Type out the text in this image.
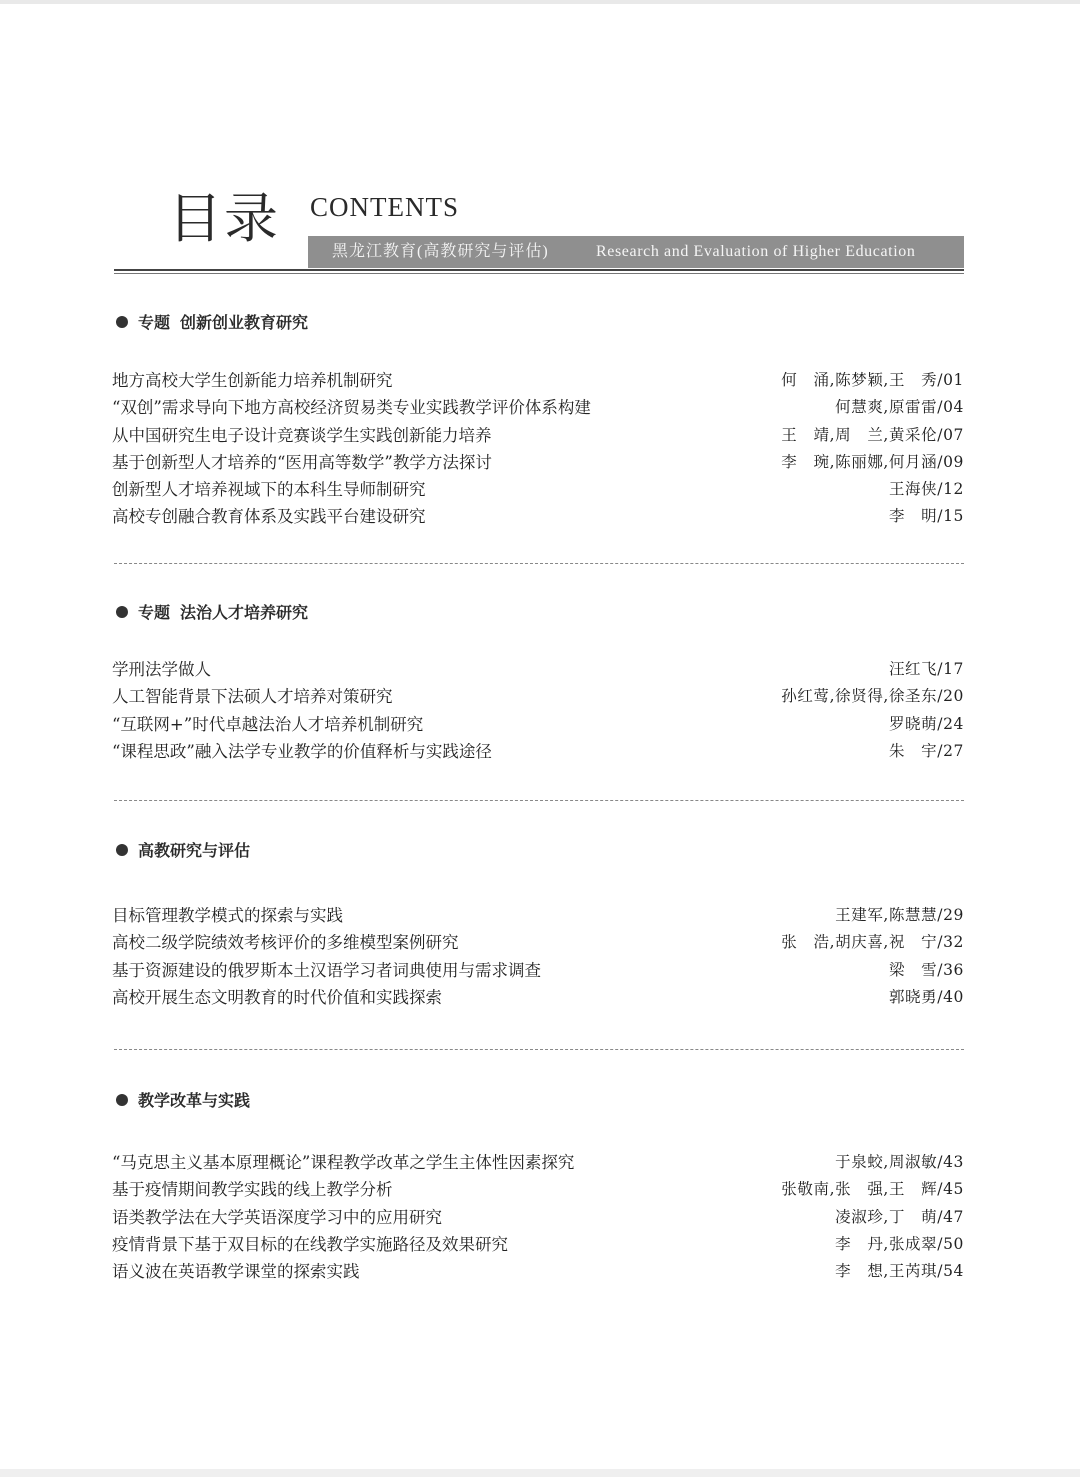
目录 CONTENTS
黑龙江教育(高教研究与评估)	Research and Evaluation of Higher Education
专题 创新创业教育研究
地方高校大学生创新能力培养机制研究	何　涌,陈梦颖,王　秀/01
“双创”需求导向下地方高校经济贸易类专业实践教学评价体系构建	何慧爽,原雷雷/04
从中国研究生电子设计竞赛谈学生实践创新能力培养	王　靖,周　兰,黄采伦/07
基于创新型人才培养的“医用高等数学”教学方法探讨	李　琬,陈丽娜,何月涵/09
创新型人才培养视域下的本科生导师制研究	王海侠/12
高校专创融合教育体系及实践平台建设研究	李　明/15
专题 法治人才培养研究
学刑法学做人	汪红飞/17
人工智能背景下法硕人才培养对策研究	孙红莺,徐贤得,徐圣东/20
“互联网+”时代卓越法治人才培养机制研究	罗晓萌/24
“课程思政”融入法学专业教学的价值释析与实践途径	朱　宇/27
高教研究与评估
目标管理教学模式的探索与实践	王建军,陈慧慧/29
高校二级学院绩效考核评价的多维模型案例研究	张　浩,胡庆喜,祝　宁/32
基于资源建设的俄罗斯本土汉语学习者词典使用与需求调查	梁　雪/36
高校开展生态文明教育的时代价值和实践探索	郭晓勇/40
教学改革与实践
“马克思主义基本原理概论”课程教学改革之学生主体性因素探究	于泉蛟,周淑敏/43
基于疫情期间教学实践的线上教学分析	张敬南,张　强,王　辉/45
语类教学法在大学英语深度学习中的应用研究	凌淑珍,丁　萌/47
疫情背景下基于双目标的在线教学实施路径及效果研究	李　丹,张成翠/50
语义波在英语教学课堂的探索实践	李　想,王芮琪/54
